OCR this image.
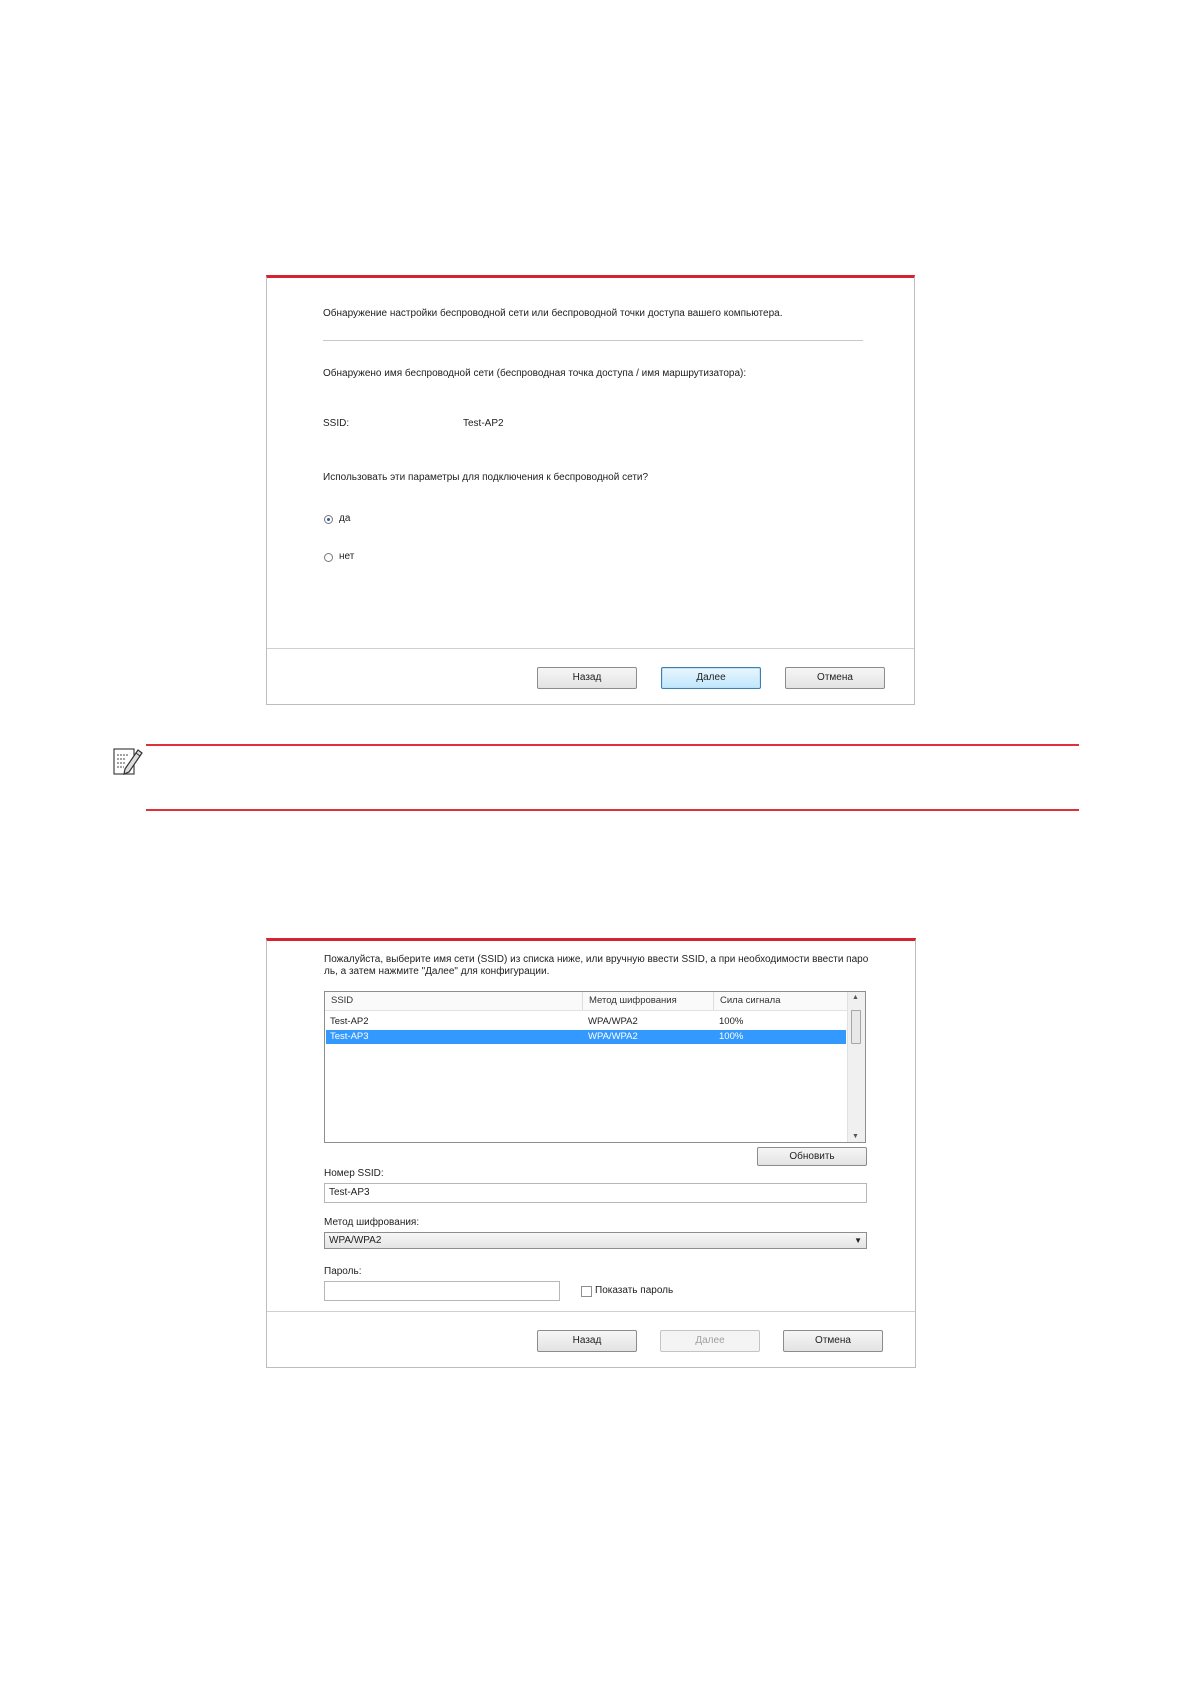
Обнаружение настройки беспроводной сети или беспроводной точки доступа вашего компьютера.
Обнаружено имя беспроводной сети (беспроводная точка доступа / имя маршрутизатора):
SSID:	Test-AP2
Использовать эти параметры для подключения к беспроводной сети?
да
нет
Назад	Далее	Отмена
Пожалуйста, выберите имя сети (SSID) из списка ниже, или вручную ввести SSID, а при необходимости ввести паро
ль, а затем нажмите "Далее" для конфигурации.
SSID	Метод шифрования	Сила сигнала
Test-AP2	WPA/WPA2	100%
Test-AP3	WPA/WPA2	100%
▲
▼
Обновить
Номер SSID:
Test-AP3
Метод шифрования:
WPA/WPA2	▼
Пароль:
Показать пароль
Назад	Далее	Отмена
